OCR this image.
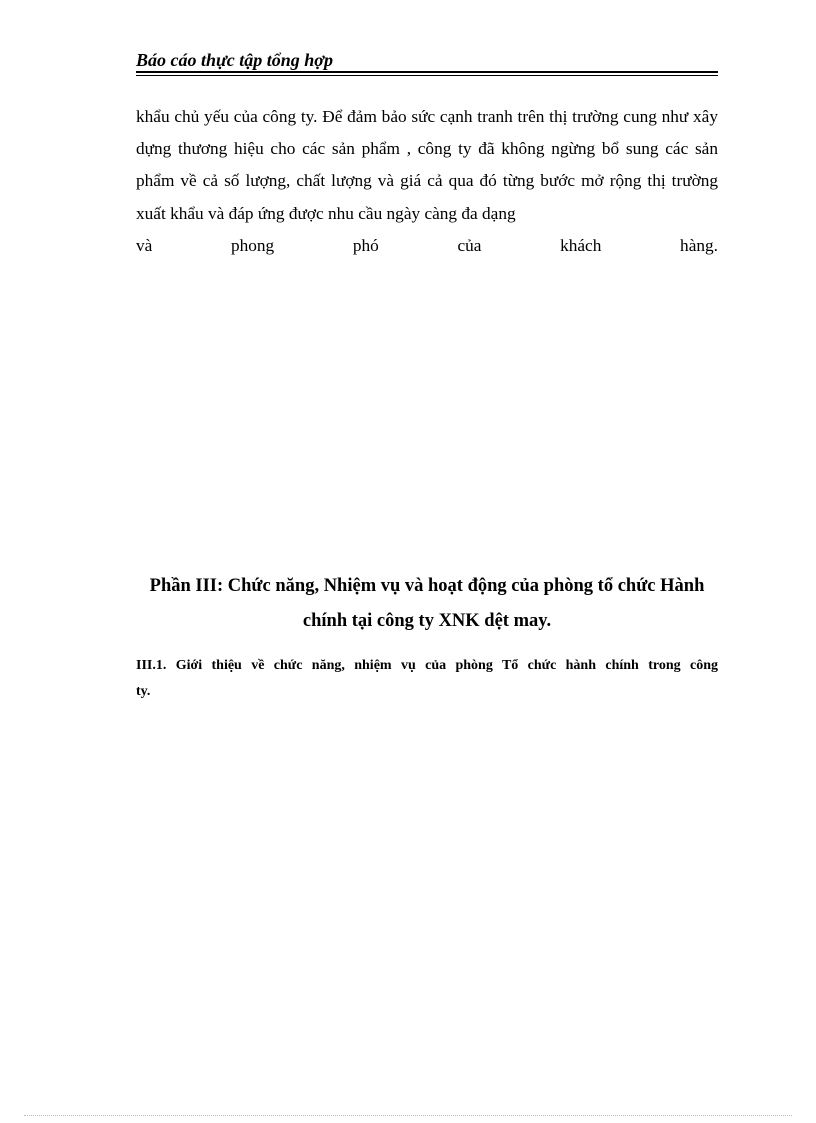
Báo cáo thực tập tổng hợp

khẩu chủ yếu của công ty. Để đảm bảo sức cạnh tranh trên thị trường cung như xây dựng thương hiệu cho các sản phẩm , công ty đã không ngừng bổ sung các sản phẩm về cả số lượng, chất lượng và giá cả qua đó từng bước mở rộng thị trường xuất khẩu và đáp ứng được nhu cầu ngày càng đa dạng

và	phong	phó	của	khách	hàng.
Phần III: Chức năng, Nhiệm vụ và hoạt động của phòng tổ chức Hành
chính tại công ty XNK dệt may.
III.1. Giới thiệu về chức năng, nhiệm vụ của phòng Tổ chức hành chính trong công
ty.
